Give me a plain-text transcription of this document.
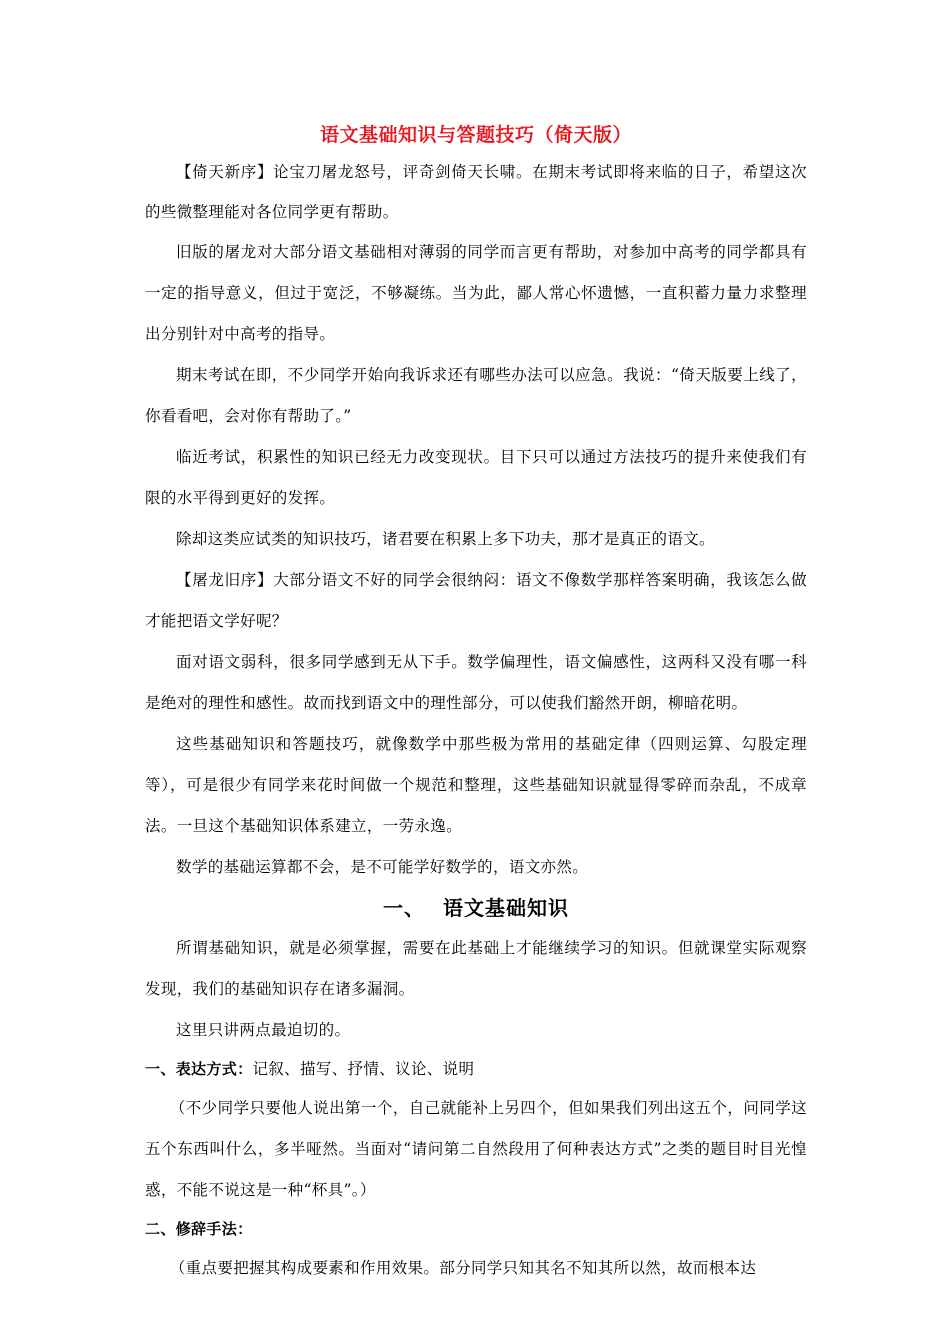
语文基础知识与答题技巧（倚天版）

【倚天新序】论宝刀屠龙怒号，评奇剑倚天长啸。在期末考试即将来临的日子，希望这次的些微整理能对各位同学更有帮助。

旧版的屠龙对大部分语文基础相对薄弱的同学而言更有帮助，对参加中高考的同学都具有一定的指导意义，但过于宽泛，不够凝练。当为此，鄙人常心怀遗憾，一直积蓄力量力求整理出分别针对中高考的指导。

期末考试在即，不少同学开始向我诉求还有哪些办法可以应急。我说：“倚天版要上线了，你看看吧，会对你有帮助了。”

临近考试，积累性的知识已经无力改变现状。目下只可以通过方法技巧的提升来使我们有限的水平得到更好的发挥。

除却这类应试类的知识技巧，诸君要在积累上多下功夫，那才是真正的语文。

【屠龙旧序】大部分语文不好的同学会很纳闷：语文不像数学那样答案明确，我该怎么做才能把语文学好呢？

面对语文弱科，很多同学感到无从下手。数学偏理性，语文偏感性，这两科又没有哪一科是绝对的理性和感性。故而找到语文中的理性部分，可以使我们豁然开朗，柳暗花明。

这些基础知识和答题技巧，就像数学中那些极为常用的基础定律（四则运算、勾股定理等），可是很少有同学来花时间做一个规范和整理，这些基础知识就显得零碎而杂乱，不成章法。一旦这个基础知识体系建立，一劳永逸。

数学的基础运算都不会，是不可能学好数学的，语文亦然。

一、 语文基础知识

所谓基础知识，就是必须掌握，需要在此基础上才能继续学习的知识。但就课堂实际观察发现，我们的基础知识存在诸多漏洞。

这里只讲两点最迫切的。

一、表达方式：记叙、描写、抒情、议论、说明

（不少同学只要他人说出第一个，自己就能补上另四个，但如果我们列出这五个，问同学这五个东西叫什么，多半哑然。当面对“请问第二自然段用了何种表达方式”之类的题目时目光惶惑，不能不说这是一种“杯具”。）

二、修辞手法：

（重点要把握其构成要素和作用效果。部分同学只知其名不知其所以然，故而根本达
